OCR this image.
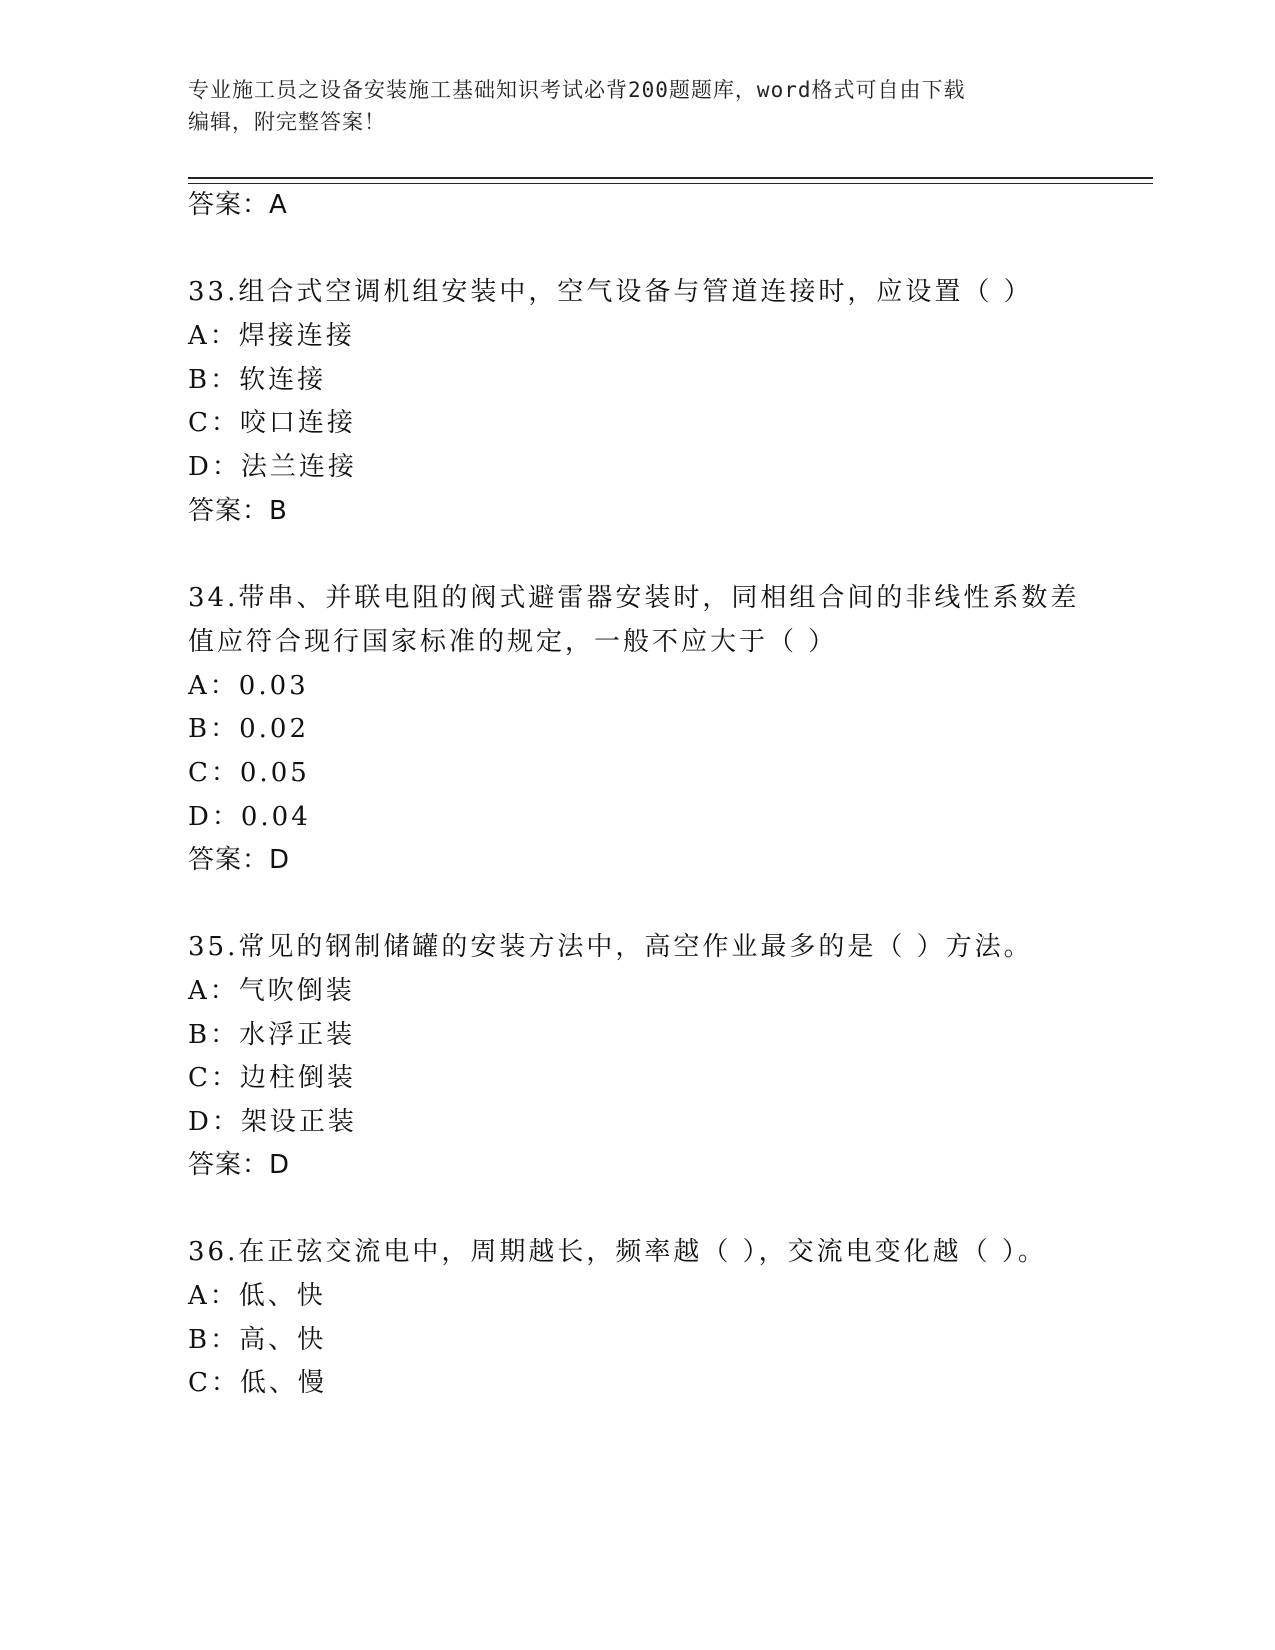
专业施工员之设备安装施工基础知识考试必背200题题库，word格式可自由下载
编辑，附完整答案！
答案：A
33.组合式空调机组安装中，空气设备与管道连接时，应设置（ ）
A：焊接连接
B：软连接
C：咬口连接
D：法兰连接
答案：B
34.带串、并联电阻的阀式避雷器安装时，同相组合间的非线性系数差
值应符合现行国家标准的规定，一般不应大于（ ）
A：0.03
B：0.02
C：0.05
D：0.04
答案：D
35.常见的钢制储罐的安装方法中，高空作业最多的是（ ）方法。
A：气吹倒装
B：水浮正装
C：边柱倒装
D：架设正装
答案：D
36.在正弦交流电中，周期越长，频率越（ ），交流电变化越（ ）。
A：低、快
B：高、快
C：低、慢
